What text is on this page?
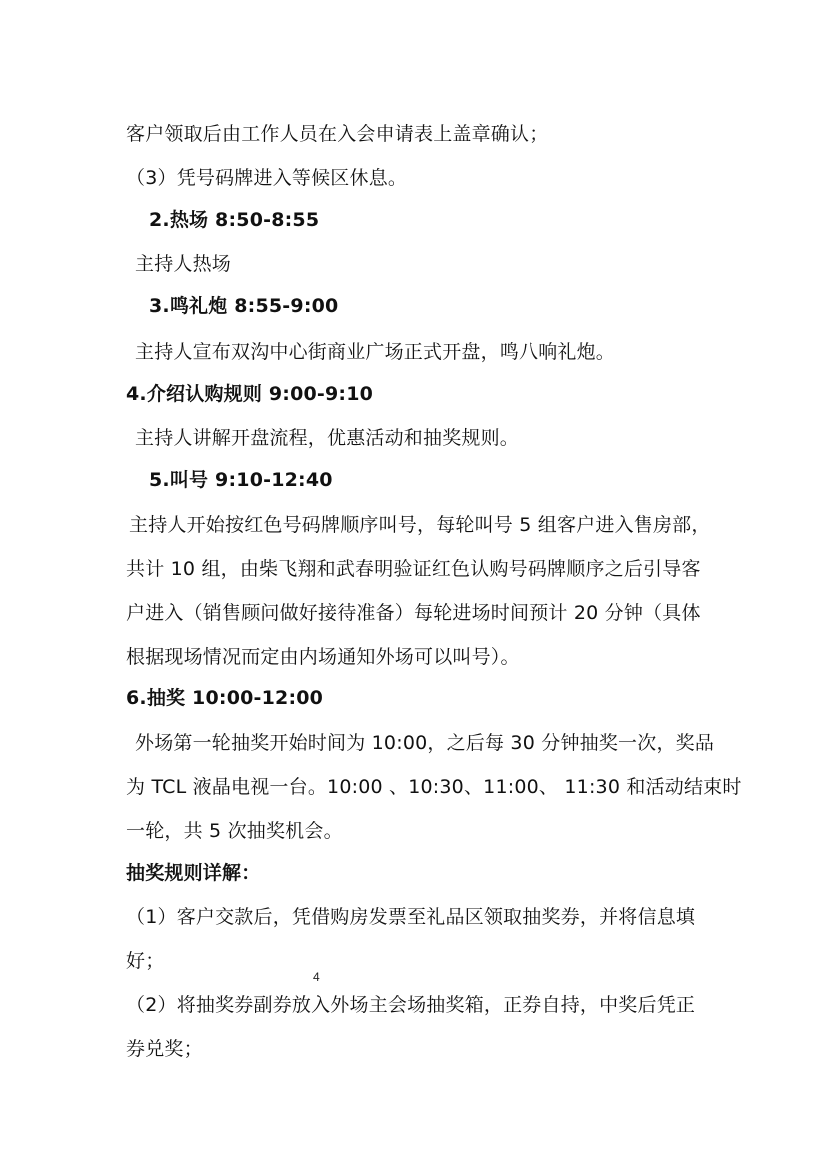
客户领取后由工作人员在入会申请表上盖章确认；
（3）凭号码牌进入等候区休息。
2.热场 8:50-8:55
主持人热场
3.鸣礼炮 8:55-9:00
主持人宣布双沟中心街商业广场正式开盘，鸣八响礼炮。
4.介绍认购规则 9:00-9:10
主持人讲解开盘流程，优惠活动和抽奖规则。
5.叫号 9:10-12:40
主持人开始按红色号码牌顺序叫号，每轮叫号 5 组客户进入售房部，
共计 10 组，由柴飞翔和武春明验证红色认购号码牌顺序之后引导客
户进入（销售顾问做好接待准备）每轮进场时间预计 20 分钟（具体
根据现场情况而定由内场通知外场可以叫号）。
6.抽奖 10:00-12:00
外场第一轮抽奖开始时间为 10:00，之后每 30 分钟抽奖一次，奖品
为 TCL 液晶电视一台。10:00 、10:30、11:00、 11:30 和活动结束时
一轮，共 5 次抽奖机会。
抽奖规则详解：
（1）客户交款后，凭借购房发票至礼品区领取抽奖券，并将信息填
好；
4
（2）将抽奖券副券放入外场主会场抽奖箱，正券自持，中奖后凭正
券兑奖；
